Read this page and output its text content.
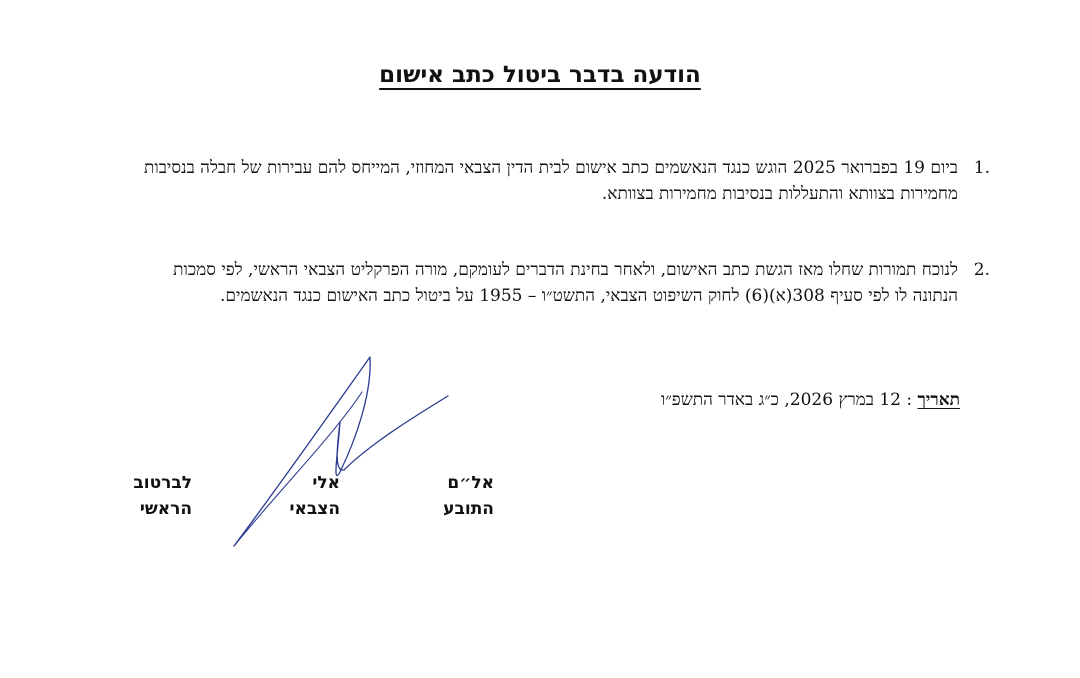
הודעה בדבר ביטול כתב אישום
.1
ביום 19 בפברואר 2025 הוגש כנגד הנאשמים כתב אישום לבית הדין הצבאי המחוזי, המייחס להם עבירות של חבלה בנסיבות מחמירות בצוותא והתעללות בנסיבות מחמירות בצוותא.
.2
לנוכח תמורות שחלו מאז הגשת כתב האישום, ולאחר בחינת הדברים לעומקם, מורה הפרקליט הצבאי הראשי, לפי סמכות הנתונה לו לפי סעיף 308(א)(6) לחוק השיפוט הצבאי, התשט״ו – 1955 על ביטול כתב האישום כנגד הנאשמים.
תאריך : 12 במרץ 2026, כ״ג באדר התשפ״ו
אל״ם
התובע
אלי
הצבאי
לברטוב
הראשי
